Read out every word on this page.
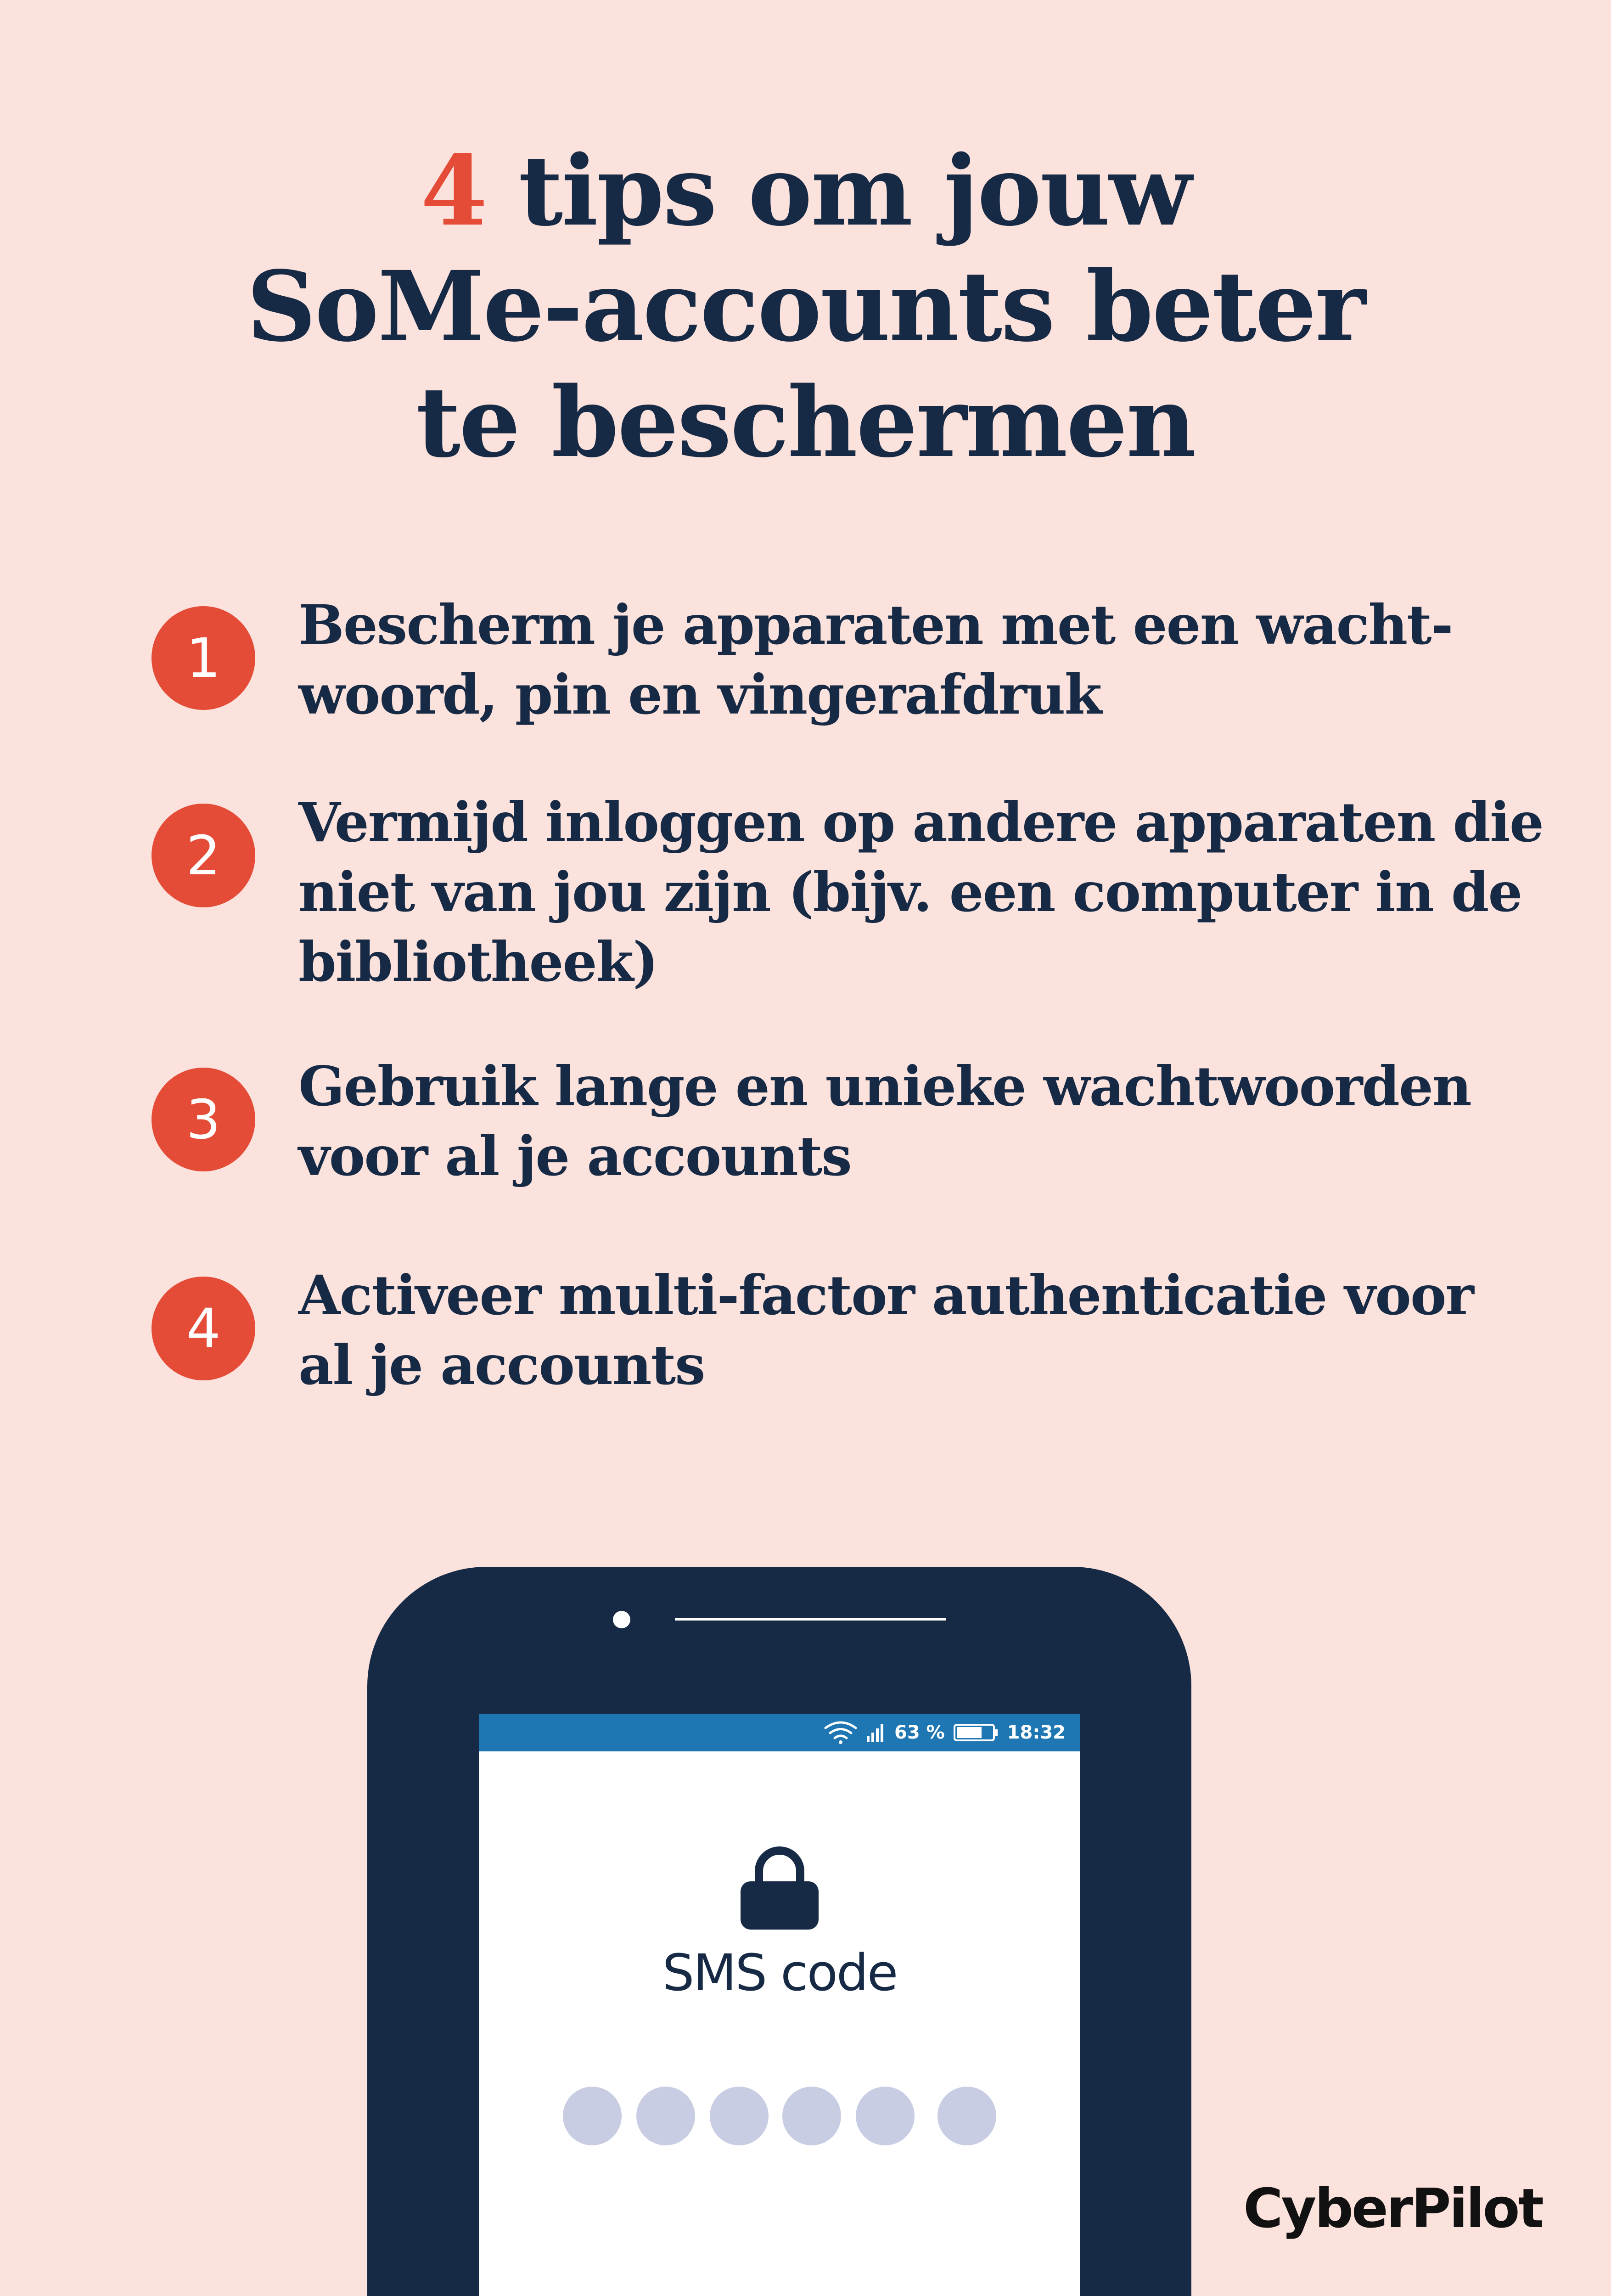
4 tips om jouw
SoMe-accounts beter
te beschermen
1
Bescherm je apparaten met een wacht-
woord, pin en vingerafdruk
2
Vermijd inloggen op andere apparaten die
niet van jou zijn (bijv. een computer in de
bibliotheek)
3
Gebruik lange en unieke wachtwoorden
voor al je accounts
4
Activeer multi-factor authenticatie voor
al je accounts
63 %	18:32
SMS code
CyberPilot
